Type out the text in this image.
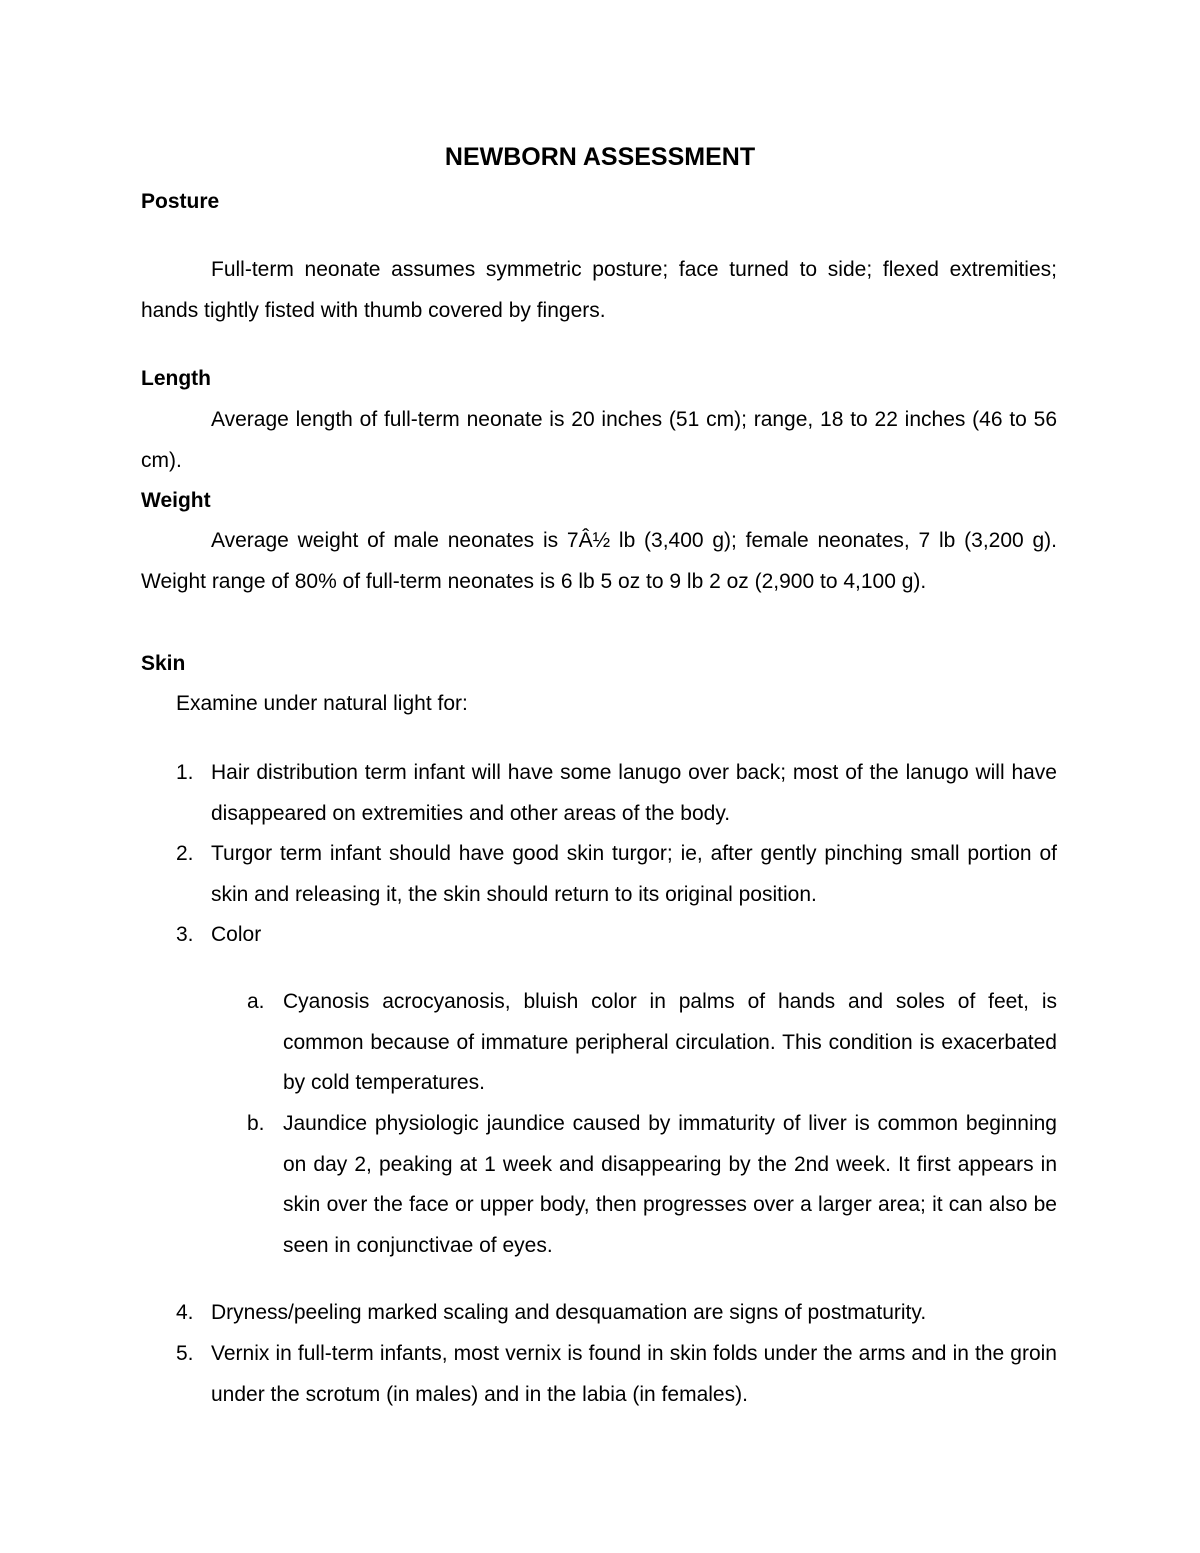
NEWBORN ASSESSMENT
Posture

Full-term neonate assumes symmetric posture; face turned to side; flexed extremities; hands tightly fisted with thumb covered by fingers.

Length

Average length of full-term neonate is 20 inches (51 cm); range, 18 to 22 inches (46 to 56 cm).

Weight

Average weight of male neonates is 7Â½ lb (3,400 g); female neonates, 7 lb (3,200 g). Weight range of 80% of full-term neonates is 6 lb 5 oz to 9 lb 2 oz (2,900 to 4,100 g).

Skin

Examine under natural light for:

1. Hair distribution term infant will have some lanugo over back; most of the lanugo will have disappeared on extremities and other areas of the body.
2. Turgor term infant should have good skin turgor; ie, after gently pinching small portion of skin and releasing it, the skin should return to its original position.
3. Color
a. Cyanosis acrocyanosis, bluish color in palms of hands and soles of feet, is common because of immature peripheral circulation. This condition is exacerbated by cold temperatures.
b. Jaundice physiologic jaundice caused by immaturity of liver is common beginning on day 2, peaking at 1 week and disappearing by the 2nd week. It first appears in skin over the face or upper body, then progresses over a larger area; it can also be seen in conjunctivae of eyes.
4. Dryness/peeling marked scaling and desquamation are signs of postmaturity.
5. Vernix in full-term infants, most vernix is found in skin folds under the arms and in the groin under the scrotum (in males) and in the labia (in females).
